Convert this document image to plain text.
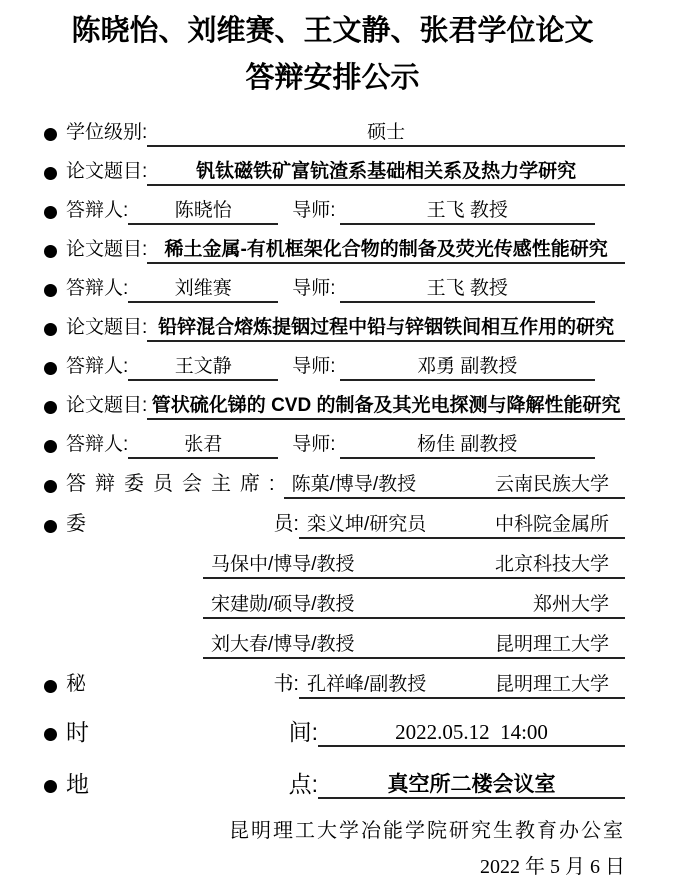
陈晓怡、刘维赛、王文静、张君学位论文
答辩安排公示
学位级别:	硕士
论文题目:	钒钛磁铁矿富钪渣系基础相关系及热力学研究
答辩人:	陈晓怡	导师:	王飞 教授
论文题目: 稀土金属-有机框架化合物的制备及荧光传感性能研究
答辩人:	刘维赛	导师:	王飞 教授
论文题目: 铅锌混合熔炼提铟过程中铅与锌铟铁间相互作用的研究
答辩人:	王文静	导师:	邓勇 副教授
论文题目: 管状硫化锑的 CVD 的制备及其光电探测与降解性能研究
答辩人:	张君	导师:	杨佳 副教授
答辩委员会主席: 陈菓/博导/教授	云南民族大学
委	员: 栾义坤/研究员	中科院金属所
马保中/博导/教授	北京科技大学
宋建勋/硕导/教授	郑州大学
刘大春/博导/教授	昆明理工大学
秘	书: 孔祥峰/副教授	昆明理工大学
时	间:	2022.05.12  14:00
地	点:	真空所二楼会议室
昆明理工大学冶能学院研究生教育办公室
2022 年 5 月 6 日
